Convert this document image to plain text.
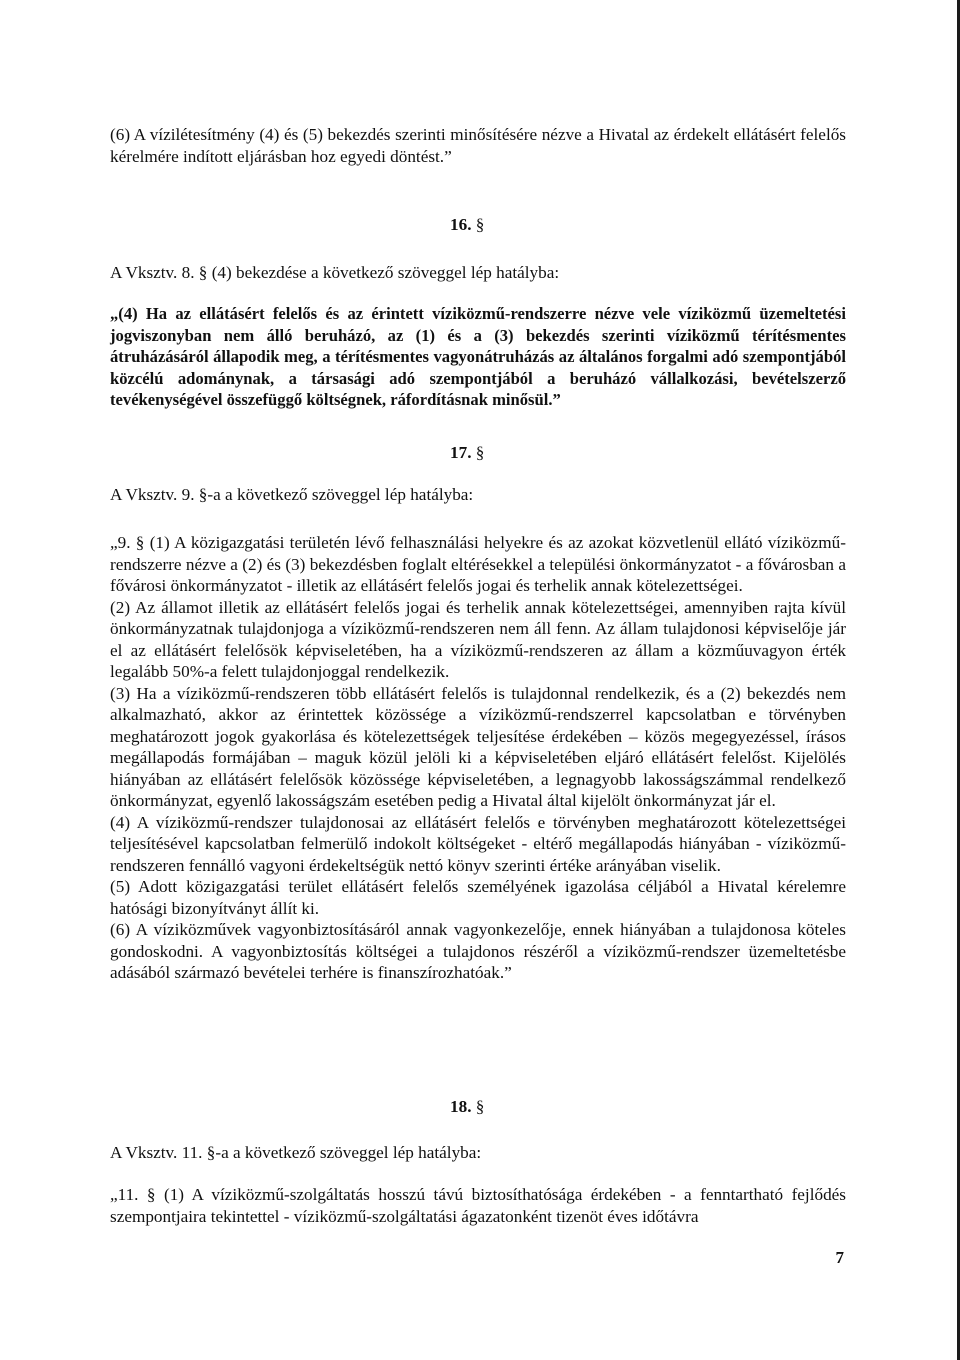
(6) A vízilétesítmény (4) és (5) bekezdés szerinti minősítésére nézve a Hivatal az érdekelt ellátásért felelős kérelmére indított eljárásban hoz egyedi döntést.”

16. §

A Vksztv. 8. § (4) bekezdése a következő szöveggel lép hatályba:

„(4) Ha az ellátásért felelős és az érintett víziközmű-rendszerre nézve vele víziközmű üzemeltetési jogviszonyban nem álló beruházó, az (1) és a (3) bekezdés szerinti víziközmű térítésmentes átruházásáról állapodik meg, a térítésmentes vagyonátruházás az általános forgalmi adó szempontjából közcélú adománynak, a társasági adó szempontjából a beruházó vállalkozási, bevételszerző tevékenységével összefüggő költségnek, ráfordításnak minősül.”

17. §

A Vksztv. 9. §-a a következő szöveggel lép hatályba:

„9. § (1) A közigazgatási területén lévő felhasználási helyekre és az azokat közvetlenül ellátó víziközmű-rendszerre nézve a (2) és (3) bekezdésben foglalt eltérésekkel a települési önkormányzatot - a fővárosban a fővárosi önkormányzatot - illetik az ellátásért felelős jogai és terhelik annak kötelezettségei.

(2) Az államot illetik az ellátásért felelős jogai és terhelik annak kötelezettségei, amennyiben rajta kívül önkormányzatnak tulajdonjoga a víziközmű-rendszeren nem áll fenn. Az állam tulajdonosi képviselője jár el az ellátásért felelősök képviseletében, ha a víziközmű-rendszeren az állam a közműuvagyon érték legalább 50%-a felett tulajdonjoggal rendelkezik.

(3) Ha a víziközmű-rendszeren több ellátásért felelős is tulajdonnal rendelkezik, és a (2) bekezdés nem alkalmazható, akkor az érintettek közössége a víziközmű-rendszerrel kapcsolatban e törvényben meghatározott jogok gyakorlása és kötelezettségek teljesítése érdekében – közös megegyezéssel, írásos megállapodás formájában – maguk közül jelöli ki a képviseletében eljáró ellátásért felelőst. Kijelölés hiányában az ellátásért felelősök közössége képviseletében, a legnagyobb lakosságszámmal rendelkező önkormányzat, egyenlő lakosságszám esetében pedig a Hivatal által kijelölt önkormányzat jár el.

(4) A víziközmű-rendszer tulajdonosai az ellátásért felelős e törvényben meghatározott kötelezettségei teljesítésével kapcsolatban felmerülő indokolt költségeket - eltérő megállapodás hiányában - víziközmű-rendszeren fennálló vagyoni érdekeltségük nettó könyv szerinti értéke arányában viselik.

(5) Adott közigazgatási terület ellátásért felelős személyének igazolása céljából a Hivatal kérelemre hatósági bizonyítványt állít ki.

(6) A víziközművek vagyonbiztosításáról annak vagyonkezelője, ennek hiányában a tulajdonosa köteles gondoskodni. A vagyonbiztosítás költségei a tulajdonos részéről a víziközmű-rendszer üzemeltetésbe adásából származó bevételei terhére is finanszírozhatóak.”

18. §

A Vksztv. 11. §-a a következő szöveggel lép hatályba:

„11. § (1) A víziközmű-szolgáltatás hosszú távú biztosíthatósága érdekében - a fenntartható fejlődés szempontjaira tekintettel - víziközmű-szolgáltatási ágazatonként tizenöt éves időtávra

7
